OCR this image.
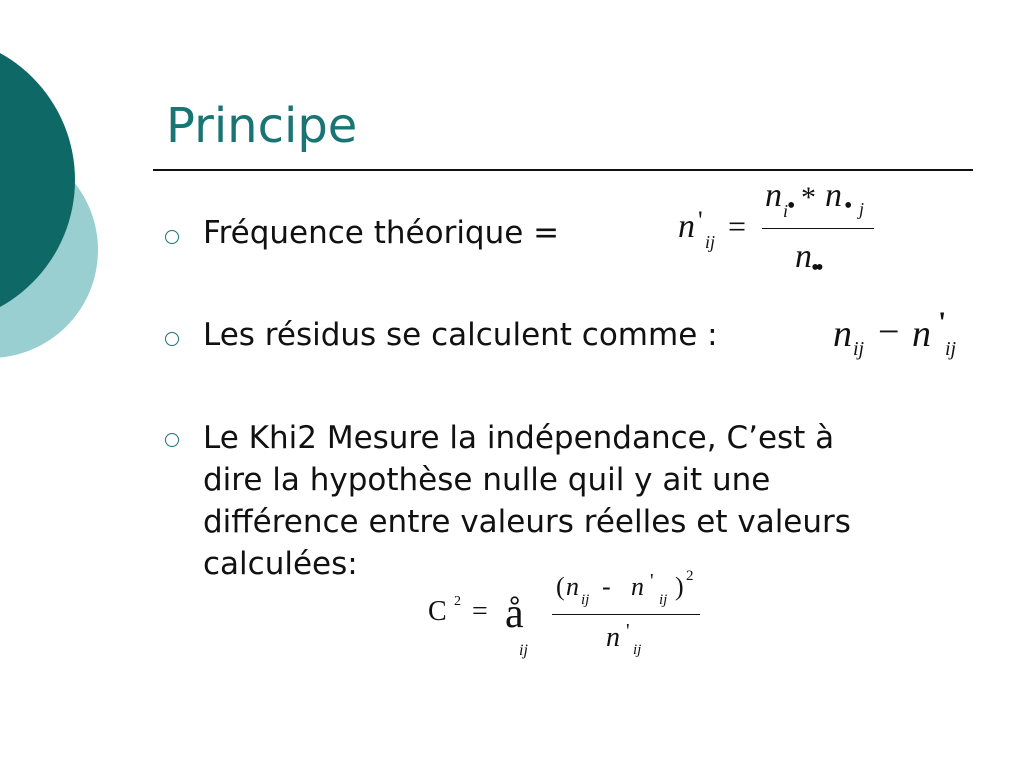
Principe
Fréquence théorique =	n '
ij =
n i
• * n • j
n ••
Les résidus se calculent comme :	n ij − n '
ij
Le Khi2 Mesure la indépendance, C’est à
dire la hypothèse nulle quil y ait une
différence entre valeurs réelles et valeurs
calculées:
C 2 = å
ij
( n ij - n '
ij ) 2
n '
ij
